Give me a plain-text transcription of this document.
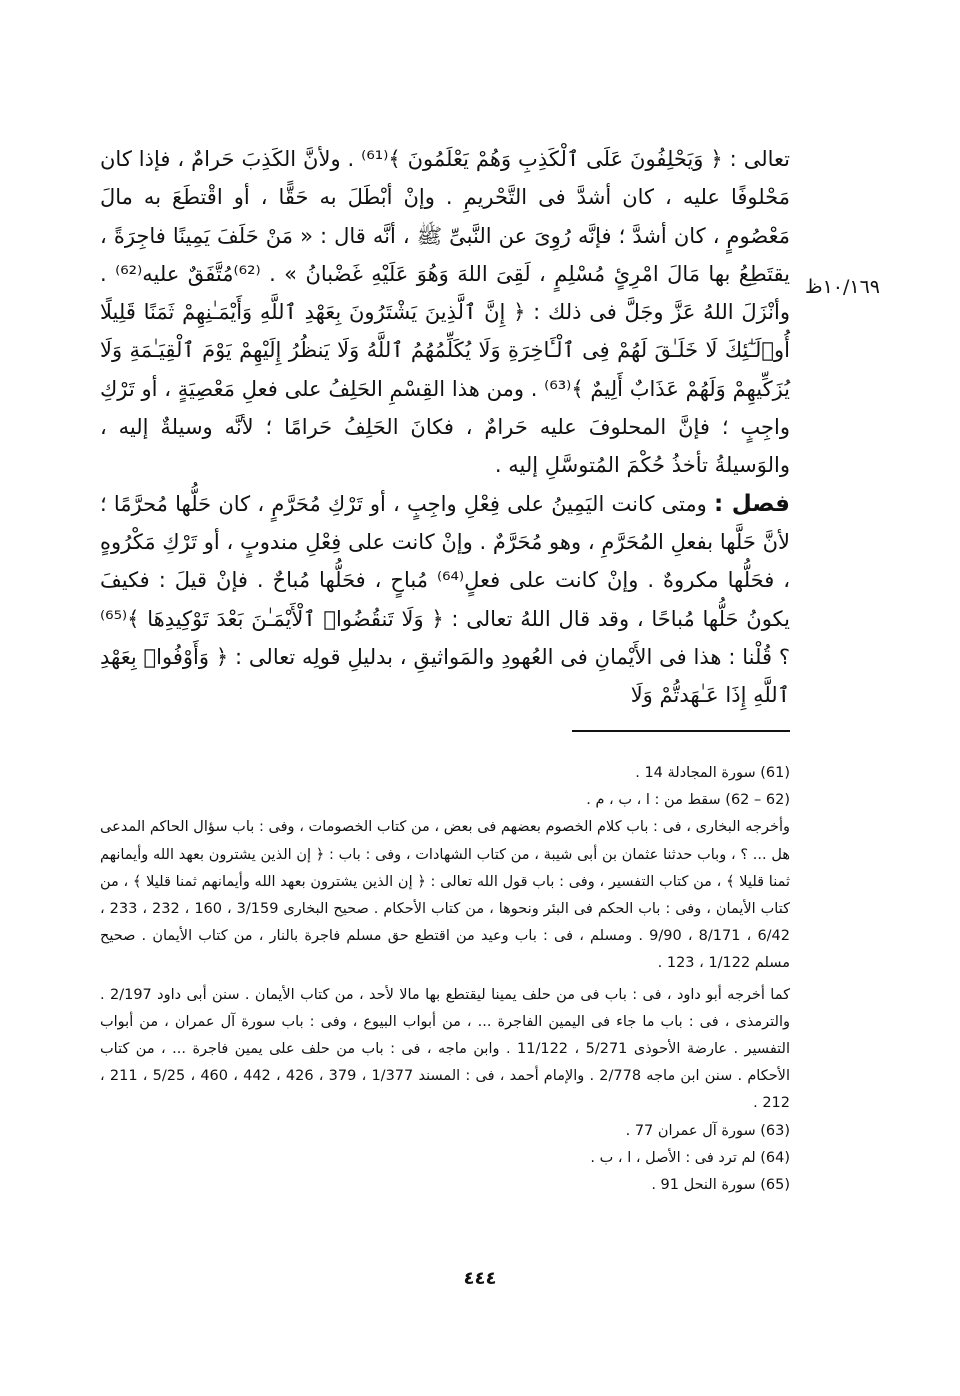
١٠/١٦٩ظ

تعالى : ﴿ وَيَحْلِفُونَ عَلَى ٱلْكَذِبِ وَهُمْ يَعْلَمُونَ ﴾⁽⁶¹⁾ . ولأنَّ الكَذِبَ حَرامٌ ، فإذا كان مَحْلوفًا عليه ، كان أشدَّ فى التَّحْريمِ . وإنْ أبْطَلَ به حَقًّا ، أو اقْتطَعَ به مالَ مَعْصُومٍ ، كان أشدَّ ؛ فإنَّه رُوِىَ عن النَّبىِّ ﷺ ، أنَّه قال : « مَنْ حَلَفَ يَمِينًا فاجِرَةً ، يقتَطِعُ بها مَالَ امْرِئٍ مُسْلِمٍ ، لَقِىَ اللهَ وَهُوَ عَلَيْهِ غَضْبانُ » . ⁽⁶²⁾مُتَّفَقٌ عليه⁽⁶²⁾ . وأنْزَلَ اللهُ عَزَّ وجَلَّ فى ذلك : ﴿ إِنَّ ٱلَّذِينَ يَشْتَرُونَ بِعَهْدِ ٱللَّهِ وَأَيْمَـٰنِهِمْ ثَمَنًا قَلِيلًا أُو۟لَـٰٓئِكَ لَا خَلَـٰقَ لَهُمْ فِى ٱلْـَٔاخِرَةِ وَلَا يُكَلِّمُهُمُ ٱللَّهُ وَلَا يَنظُرُ إِلَيْهِمْ يَوْمَ ٱلْقِيَـٰمَةِ وَلَا يُزَكِّيهِمْ وَلَهُمْ عَذَابٌ أَلِيمٌ ﴾⁽⁶³⁾ . ومن هذا القِسْمِ الحَلِفُ على فعلِ مَعْصِيَةٍ ، أو تَرْكِ واجِبٍ ؛ فإنَّ المحلوفَ عليه حَرامٌ ، فكانَ الحَلِفُ حَرامًا ؛ لأنَّه وسيلةٌ إليه ، والوَسيلةُ تأخذُ حُكْمَ المُتوسَّلِ إليه .

فصل : ومتى كانت اليَمِينُ على فِعْلِ واجِبٍ ، أو تَرْكِ مُحَرَّمٍ ، كان حَلُّها مُحرَّمًا ؛ لأنَّ حَلَّها بفعلِ المُحَرَّمِ ، وهو مُحَرَّمٌ . وإنْ كانت على فِعْلِ مندوبٍ ، أو تَرْكِ مَكْرُوهٍ ، فحَلُّها مكروهٌ . وإنْ كانت على فعلٍ⁽⁶⁴⁾ مُباحٍ ، فحَلُّها مُباحٌ . فإنْ قيلَ : فكيفَ يكونُ حَلُّها مُباحًا ، وقد قال اللهُ تعالى : ﴿ وَلَا تَنقُضُوا۟ ٱلْأَيْمَـٰنَ بَعْدَ تَوْكِيدِهَا ﴾⁽⁶⁵⁾ ؟ قُلْنا : هذا فى الأَيْمانِ فى العُهودِ والمَواثيقِ ، بدليلِ قولِه تعالى : ﴿ وَأَوْفُوا۟ بِعَهْدِ ٱللَّهِ إِذَا عَـٰهَدتُّمْ وَلَا

(61) سورة المجادلة 14 .

(62 – 62) سقط من : ا ، ب ، م .

وأخرجه البخارى ، فى : باب كلام الخصوم بعضهم فى بعض ، من كتاب الخصومات ، وفى : باب سؤال الحاكم المدعى هل ... ؟ ، وباب حدثنا عثمان بن أبى شيبة ، من كتاب الشهادات ، وفى : باب : ﴿ إن الذين يشترون بعهد الله وأيمانهم ثمنا قليلا ﴾ ، من كتاب التفسير ، وفى : باب قول الله تعالى : ﴿ إن الذين يشترون بعهد الله وأيمانهم ثمنا قليلا ﴾ ، من كتاب الأيمان ، وفى : باب الحكم فى البئر ونحوها ، من كتاب الأحكام . صحيح البخارى 3/159 ، 160 ، 232 ، 233 ، 6/42 ، 8/171 ، 9/90 . ومسلم ، فى : باب وعيد من اقتطع حق مسلم فاجرة بالنار ، من كتاب الأيمان . صحيح مسلم 1/122 ، 123 .

كما أخرجه أبو داود ، فى : باب فى من حلف يمينا ليقتطع بها مالا لأحد ، من كتاب الأيمان . سنن أبى داود 2/197 . والترمذى ، فى : باب ما جاء فى اليمين الفاجرة ... ، من أبواب البيوع ، وفى : باب سورة آل عمران ، من أبواب التفسير . عارضة الأحوذى 5/271 ، 11/122 . وابن ماجه ، فى : باب من حلف على يمين فاجرة ... ، من كتاب الأحكام . سنن ابن ماجه 2/778 . والإمام أحمد ، فى : المسند 1/377 ، 379 ، 426 ، 442 ، 460 ، 5/25 ، 211 ، 212 .

(63) سورة آل عمران 77 .

(64) لم ترد فى : الأصل ، ا ، ب .

(65) سورة النحل 91 .

٤٤٤
